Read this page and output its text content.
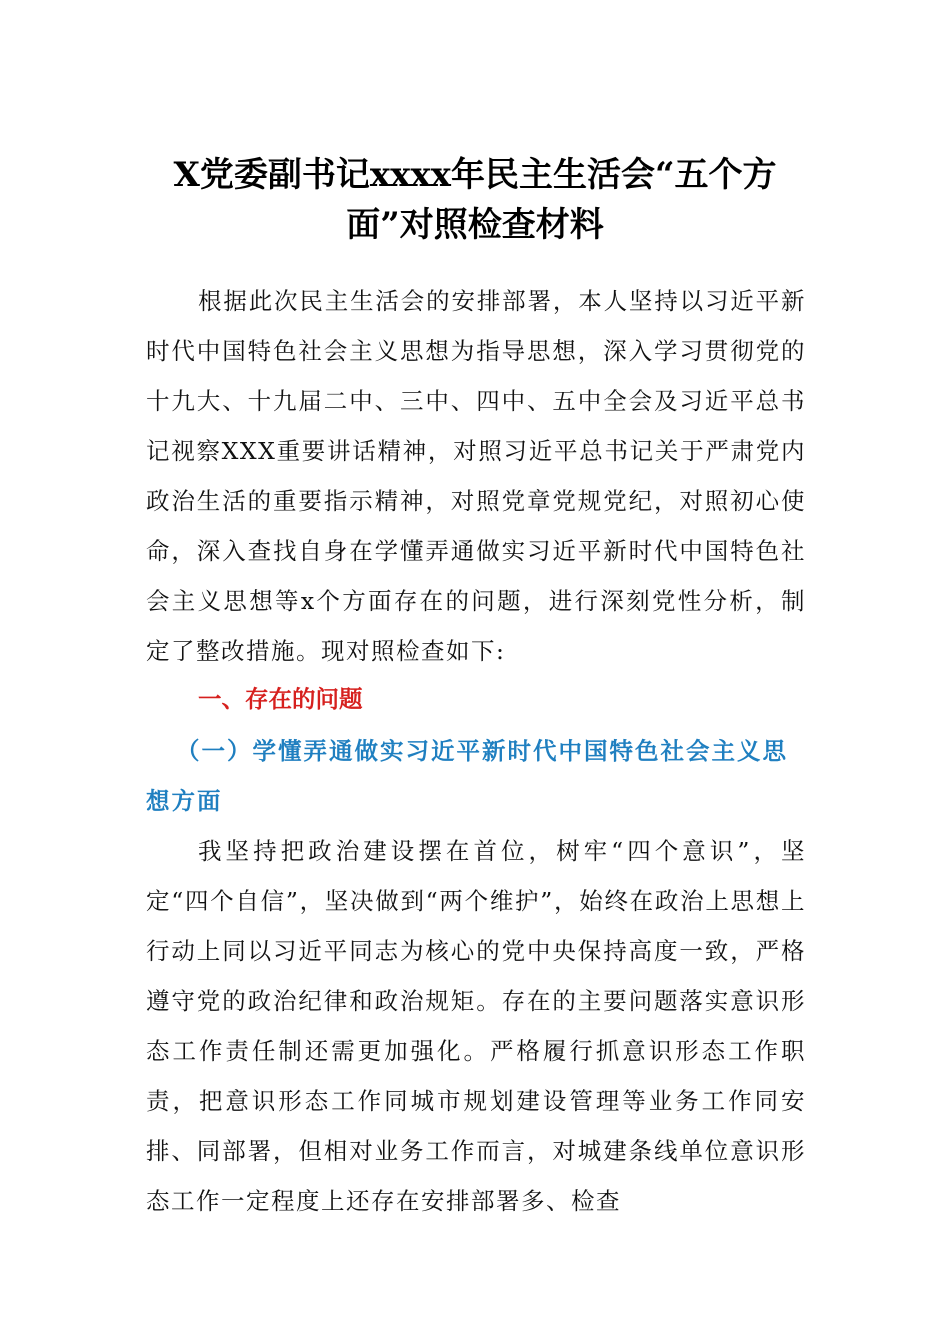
X党委副书记xxxx年民主生活会“五个方面”对照检查材料

根据此次民主生活会的安排部署，本人坚持以习近平新时代中国特色社会主义思想为指导思想，深入学习贯彻党的十九大、十九届二中、三中、四中、五中全会及习近平总书记视察XXX重要讲话精神，对照习近平总书记关于严肃党内政治生活的重要指示精神，对照党章党规党纪，对照初心使命，深入查找自身在学懂弄通做实习近平新时代中国特色社会主义思想等x个方面存在的问题，进行深刻党性分析，制定了整改措施。现对照检查如下:

一、存在的问题
（一）学懂弄通做实习近平新时代中国特色社会主义思想方面

我坚持把政治建设摆在首位，树牢“四个意识”，坚定“四个自信”，坚决做到“两个维护”，始终在政治上思想上行动上同以习近平同志为核心的党中央保持高度一致，严格遵守党的政治纪律和政治规矩。存在的主要问题落实意识形态工作责任制还需更加强化。严格履行抓意识形态工作职责，把意识形态工作同城市规划建设管理等业务工作同安排、同部署，但相对业务工作而言，对城建条线单位意识形态工作一定程度上还存在安排部署多、检查
